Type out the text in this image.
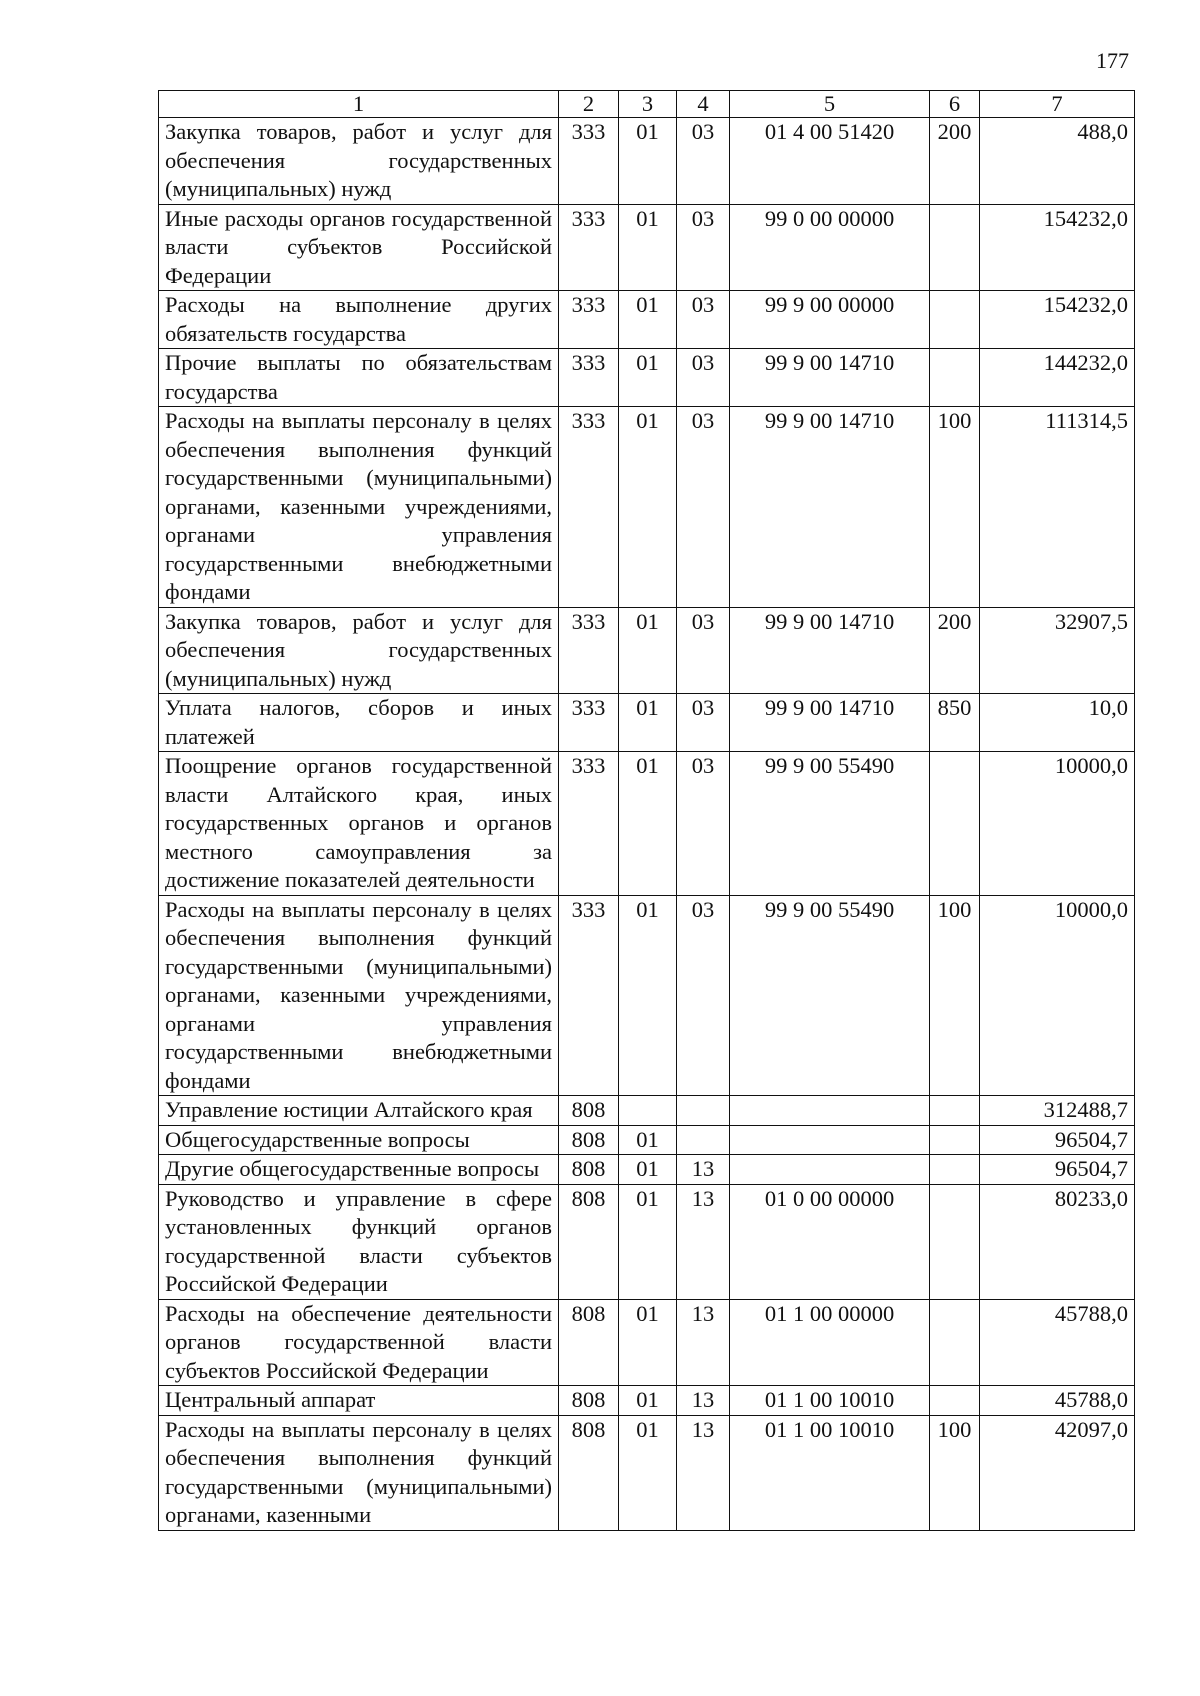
177
1	2	3	4	5	6	7
Закупка товаров, работ и услуг для обеспечения государственных (муниципальных) нужд	333	01	03	01 4 00 51420	200	488,0
Иные расходы органов государственной власти субъектов Российской Федерации	333	01	03	99 0 00 00000		154232,0
Расходы на выполнение других обязательств государства	333	01	03	99 9 00 00000		154232,0
Прочие выплаты по обязательствам государства	333	01	03	99 9 00 14710		144232,0
Расходы на выплаты персоналу в целях обеспечения выполнения функций государственными (муниципальными) органами, казенными учреждениями, органами управления государственными внебюджетными фондами	333	01	03	99 9 00 14710	100	111314,5
Закупка товаров, работ и услуг для обеспечения государственных (муниципальных) нужд	333	01	03	99 9 00 14710	200	32907,5
Уплата налогов, сборов и иных платежей	333	01	03	99 9 00 14710	850	10,0
Поощрение органов государственной власти Алтайского края, иных государственных органов и органов местного самоуправления за достижение показателей деятельности	333	01	03	99 9 00 55490		10000,0
Расходы на выплаты персоналу в целях обеспечения выполнения функций государственными (муниципальными) органами, казенными учреждениями, органами управления государственными внебюджетными фондами	333	01	03	99 9 00 55490	100	10000,0
Управление юстиции Алтайского края	808					312488,7
Общегосударственные вопросы	808	01				96504,7
Другие общегосударственные вопросы	808	01	13			96504,7
Руководство и управление в сфере установленных функций органов государственной власти субъектов Российской Федерации	808	01	13	01 0 00 00000		80233,0
Расходы на обеспечение деятельности органов государственной власти субъектов Российской Федерации	808	01	13	01 1 00 00000		45788,0
Центральный аппарат	808	01	13	01 1 00 10010		45788,0
Расходы на выплаты персоналу в целях обеспечения выполнения функций государственными (муниципальными) органами, казенными	808	01	13	01 1 00 10010	100	42097,0
